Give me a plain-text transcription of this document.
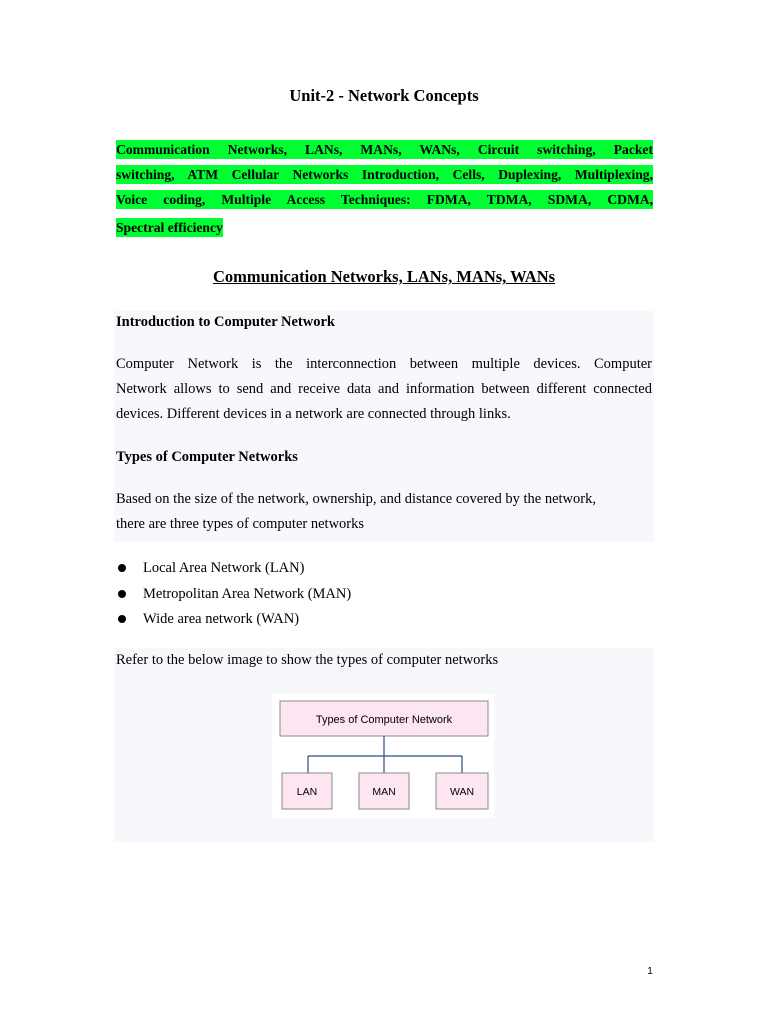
Unit-2 - Network Concepts
Communication Networks, LANs, MANs, WANs, Circuit switching, Packet
switching, ATM Cellular Networks Introduction, Cells, Duplexing, Multiplexing,
Voice coding, Multiple Access Techniques: FDMA, TDMA, SDMA, CDMA,
Spectral efficiency
Communication Networks, LANs, MANs, WANs
Introduction to Computer Network
Computer Network is the interconnection between multiple devices. Computer
Network allows to send and receive data and information between different connected
devices. Different devices in a network are connected through links.
Types of Computer Networks
Based on the size of the network, ownership, and distance covered by the network,
there are three types of computer networks
Local Area Network (LAN)
Metropolitan Area Network (MAN)
Wide area network (WAN)
Refer to the below image to show the types of computer networks
Types of Computer Network
LAN	MAN	WAN
1
